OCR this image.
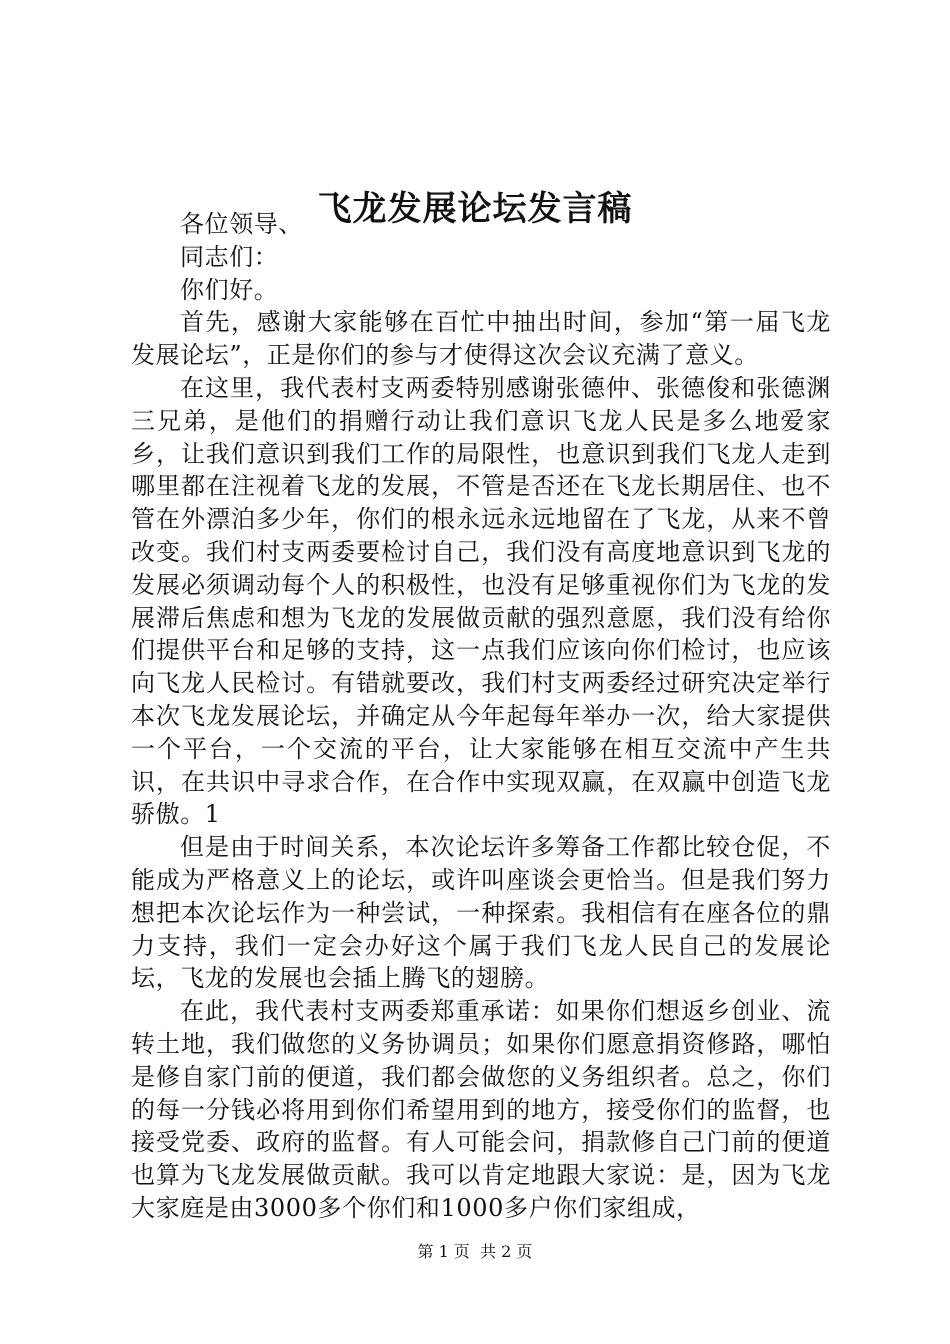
飞龙发展论坛发言稿

各位领导、

同志们：

你们好。

首先，感谢大家能够在百忙中抽出时间，参加“第一届飞龙发展论坛”，正是你们的参与才使得这次会议充满了意义。

在这里，我代表村支两委特别感谢张德仲、张德俊和张德渊三兄弟，是他们的捐赠行动让我们意识飞龙人民是多么地爱家乡，让我们意识到我们工作的局限性，也意识到我们飞龙人走到哪里都在注视着飞龙的发展，不管是否还在飞龙长期居住、也不管在外漂泊多少年，你们的根永远永远地留在了飞龙，从来不曾改变。我们村支两委要检讨自己，我们没有高度地意识到飞龙的发展必须调动每个人的积极性，也没有足够重视你们为飞龙的发展滞后焦虑和想为飞龙的发展做贡献的强烈意愿，我们没有给你们提供平台和足够的支持，这一点我们应该向你们检讨，也应该向飞龙人民检讨。有错就要改，我们村支两委经过研究决定举行本次飞龙发展论坛，并确定从今年起每年举办一次，给大家提供一个平台，一个交流的平台，让大家能够在相互交流中产生共识，在共识中寻求合作，在合作中实现双赢，在双赢中创造飞龙骄傲。1

但是由于时间关系，本次论坛许多筹备工作都比较仓促，不能成为严格意义上的论坛，或许叫座谈会更恰当。但是我们努力想把本次论坛作为一种尝试，一种探索。我相信有在座各位的鼎力支持，我们一定会办好这个属于我们飞龙人民自己的发展论坛，飞龙的发展也会插上腾飞的翅膀。

在此，我代表村支两委郑重承诺：如果你们想返乡创业、流转土地，我们做您的义务协调员；如果你们愿意捐资修路，哪怕是修自家门前的便道，我们都会做您的义务组织者。总之，你们的每一分钱必将用到你们希望用到的地方，接受你们的监督，也接受党委、政府的监督。有人可能会问，捐款修自己门前的便道也算为飞龙发展做贡献。我可以肯定地跟大家说：是，因为飞龙大家庭是由3000多个你们和1000多户你们家组成，

第 1 页  共 2 页
